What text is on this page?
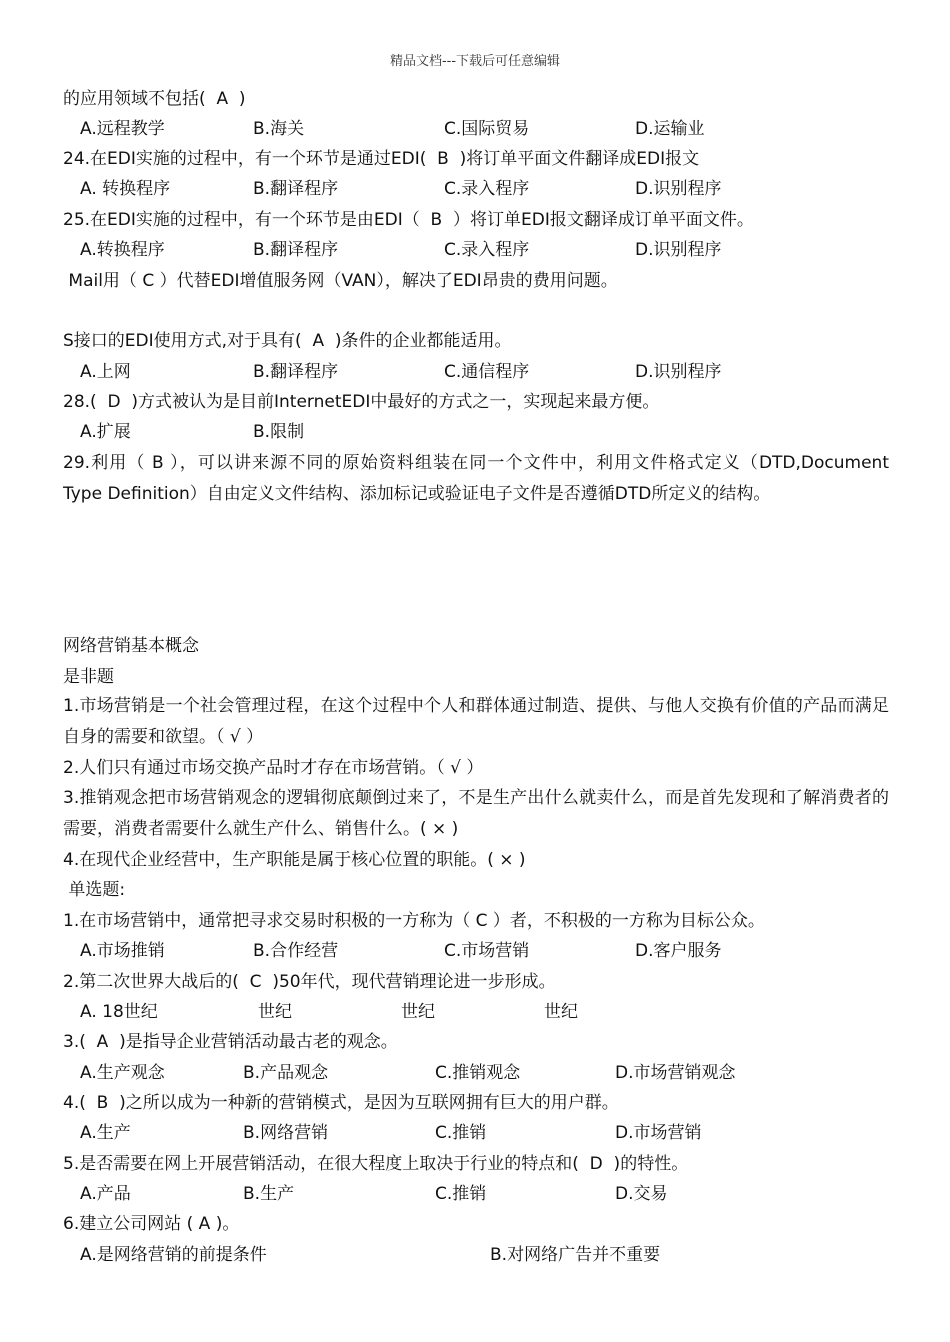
精品文档---下载后可任意编辑
的应用领域不包括(  A  )
A.远程教学	B.海关	C.国际贸易	D.运输业
24.在EDI实施的过程中，有一个环节是通过EDI(  B  )将订单平面文件翻译成EDI报文
A. 转换程序	B.翻译程序	C.录入程序	D.识别程序
25.在EDI实施的过程中，有一个环节是由EDI（  B  ）将订单EDI报文翻译成订单平面文件。
A.转换程序	B.翻译程序	C.录入程序	D.识别程序
Mail用（ C ）代替EDI增值服务网（VAN），解决了EDI昂贵的费用问题。
S接口的EDI使用方式,对于具有(  A  )条件的企业都能适用。
A.上网	B.翻译程序	C.通信程序	D.识别程序
28.(  D  )方式被认为是目前InternetEDI中最好的方式之一，实现起来最方便。
A.扩展	B.限制
29.利用（ B ），可以讲来源不同的原始资料组装在同一个文件中，利用文件格式定义（DTD,Document Type Definition）自由定义文件结构、添加标记或验证电子文件是否遵循DTD所定义的结构。
网络营销基本概念
是非题
1.市场营销是一个社会管理过程，在这个过程中个人和群体通过制造、提供、与他人交换有价值的产品而满足自身的需要和欲望。（ √ ）
2.人们只有通过市场交换产品时才存在市场营销。（ √ ）
3.推销观念把市场营销观念的逻辑彻底颠倒过来了，不是生产出什么就卖什么，而是首先发现和了解消费者的需要，消费者需要什么就生产什么、销售什么。( × )
4.在现代企业经营中，生产职能是属于核心位置的职能。( × )
单选题:
1.在市场营销中，通常把寻求交易时积极的一方称为（ C ）者，不积极的一方称为目标公众。
A.市场推销	B.合作经营	C.市场营销	D.客户服务
2.第二次世界大战后的(  C  )50年代，现代营销理论进一步形成。
A. 18世纪	世纪	世纪	世纪
3.(  A  )是指导企业营销活动最古老的观念。
A.生产观念	B.产品观念	C.推销观念	D.市场营销观念
4.(  B  )之所以成为一种新的营销模式，是因为互联网拥有巨大的用户群。
A.生产	B.网络营销	C.推销	D.市场营销
5.是否需要在网上开展营销活动，在很大程度上取决于行业的特点和(  D  )的特性。
A.产品	B.生产	C.推销	D.交易
6.建立公司网站 ( A )。
A.是网络营销的前提条件	B.对网络广告并不重要
